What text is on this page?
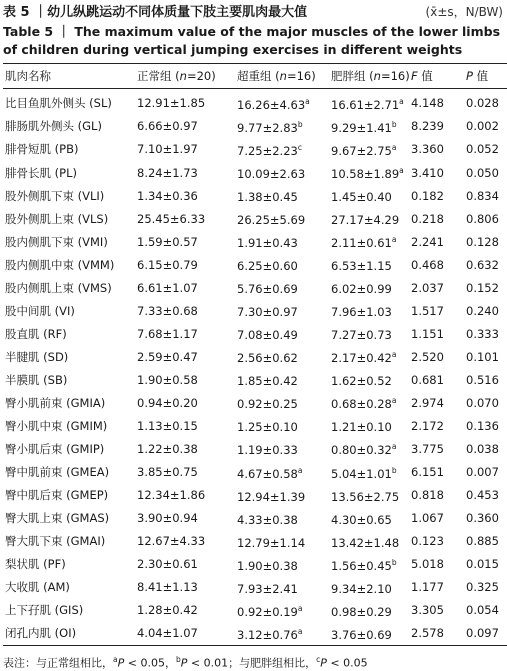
表 5 ｜幼儿纵跳运动不同体质量下肢主要肌肉最大值	(x̄±s，N/BW)
Table 5 ｜ The maximum value of the major muscles of the lower limbs of children during vertical jumping exercises in different weights
肌肉名称	正常组 (n=20)	超重组 (n=16)	肥胖组 (n=16)	F 值	P 值
比目鱼肌外侧头 (SL)	12.91±1.85	16.26±4.63$^a$	16.61±2.71$^a$	4.148	0.028
腓肠肌外侧头 (GL)	6.66±0.97	9.77±2.83$^b$	9.29±1.41$^b$	8.239	0.002
腓骨短肌 (PB)	7.10±1.97	7.25±2.23$^c$	9.67±2.75$^a$	3.360	0.052
腓骨长肌 (PL)	8.24±1.73	10.09±2.63	10.58±1.89$^a$	3.410	0.050
股外侧肌下束 (VLI)	1.34±0.36	1.38±0.45	1.45±0.40	0.182	0.834
股外侧肌上束 (VLS)	25.45±6.33	26.25±5.69	27.17±4.29	0.218	0.806
股内侧肌下束 (VMI)	1.59±0.57	1.91±0.43	2.11±0.61$^a$	2.241	0.128
股内侧肌中束 (VMM)	6.15±0.79	6.25±0.60	6.53±1.15	0.468	0.632
股内侧肌上束 (VMS)	6.61±1.07	5.76±0.69	6.02±0.99	2.037	0.152
股中间肌 (VI)	7.33±0.68	7.30±0.97	7.96±1.03	1.517	0.240
股直肌 (RF)	7.68±1.17	7.08±0.49	7.27±0.73	1.151	0.333
半腱肌 (SD)	2.59±0.47	2.56±0.62	2.17±0.42$^a$	2.520	0.101
半膜肌 (SB)	1.90±0.58	1.85±0.42	1.62±0.52	0.681	0.516
臀小肌前束 (GMIA)	0.94±0.20	0.92±0.25	0.68±0.28$^a$	2.974	0.070
臀小肌中束 (GMIM)	1.13±0.15	1.25±0.10	1.21±0.10	2.172	0.136
臀小肌后束 (GMIP)	1.22±0.38	1.19±0.33	0.80±0.32$^a$	3.775	0.038
臀中肌前束 (GMEA)	3.85±0.75	4.67±0.58$^a$	5.04±1.01$^b$	6.151	0.007
臀中肌后束 (GMEP)	12.34±1.86	12.94±1.39	13.56±2.75	0.818	0.453
臀大肌上束 (GMAS)	3.90±0.94	4.33±0.38	4.30±0.65	1.067	0.360
臀大肌下束 (GMAI)	12.67±4.33	12.79±1.14	13.42±1.48	0.123	0.885
梨状肌 (PF)	2.30±0.61	1.90±0.38	1.56±0.45$^b$	5.018	0.015
大收肌 (AM)	8.41±1.13	7.93±2.41	9.34±2.10	1.177	0.325
上下孖肌 (GIS)	1.28±0.42	0.92±0.19$^a$	0.98±0.29	3.305	0.054
闭孔内肌 (OI)	4.04±1.07	3.12±0.76$^a$	3.76±0.69	2.578	0.097
表注：与正常组相比，$^a$P < 0.05，$^b$P < 0.01；与肥胖组相比，$^c$P < 0.05
